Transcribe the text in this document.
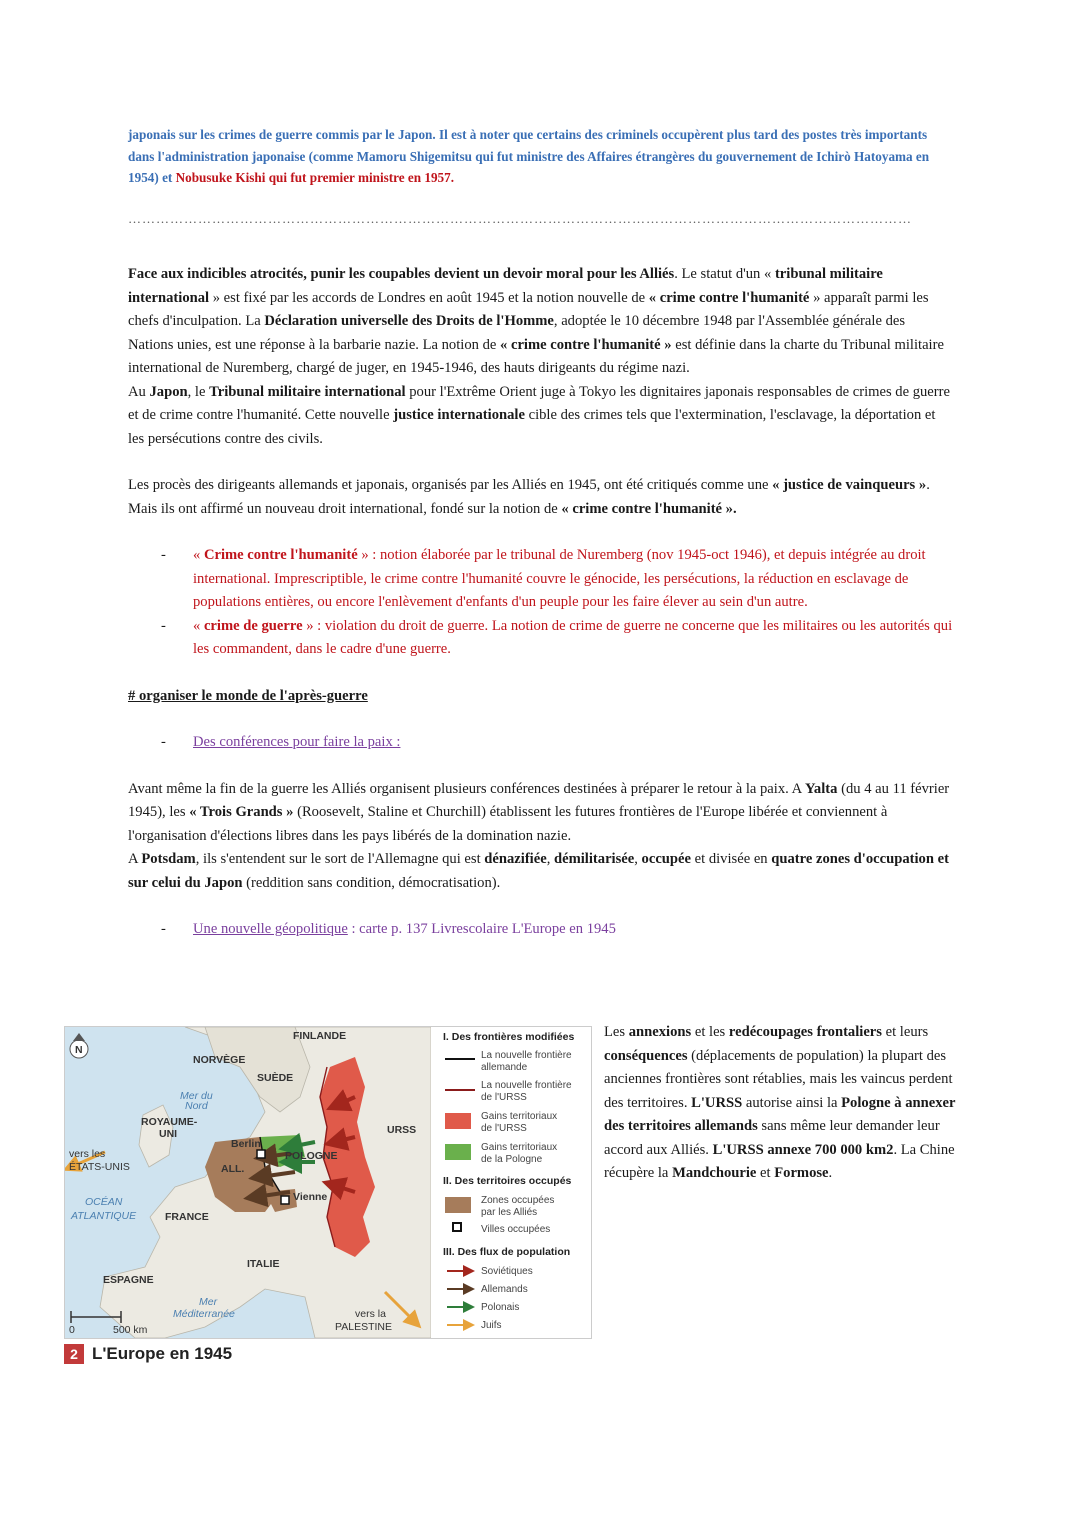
japonais sur les crimes de guerre commis par le Japon. Il est à noter que certains des criminels occupèrent plus tard des postes très importants dans l'administration japonaise (comme Mamoru Shigemitsu qui fut ministre des Affaires étrangères du gouvernement de Ichirò Hatoyama en 1954) et Nobusuke Kishi qui fut premier ministre en 1957.

……………………………………………………………………………………………………………………………………………………

Face aux indicibles atrocités, punir les coupables devient un devoir moral pour les Alliés. Le statut d'un « tribunal militaire international » est fixé par les accords de Londres en août 1945 et la notion nouvelle de « crime contre l'humanité » apparaît parmi les chefs d'inculpation. La Déclaration universelle des Droits de l'Homme, adoptée le 10 décembre 1948 par l'Assemblée générale des Nations unies, est une réponse à la barbarie nazie. La notion de « crime contre l'humanité » est définie dans la charte du Tribunal militaire international de Nuremberg, chargé de juger, en 1945-1946, des hauts dirigeants du régime nazi.

Au Japon, le Tribunal militaire international pour l'Extrême Orient juge à Tokyo les dignitaires japonais responsables de crimes de guerre et de crime contre l'humanité. Cette nouvelle justice internationale cible des crimes tels que l'extermination, l'esclavage, la déportation et les persécutions contre des civils.

Les procès des dirigeants allemands et japonais, organisés par les Alliés en 1945, ont été critiqués comme une « justice de vainqueurs ». Mais ils ont affirmé un nouveau droit international, fondé sur la notion de « crime contre l'humanité ».

- « Crime contre l'humanité » : notion élaborée par le tribunal de Nuremberg (nov 1945-oct 1946), et depuis intégrée au droit international. Imprescriptible, le crime contre l'humanité couvre le génocide, les persécutions, la réduction en esclavage de populations entières, ou encore l'enlèvement d'enfants d'un peuple pour les faire élever au sein d'un autre.
- « crime de guerre » : violation du droit de guerre. La notion de crime de guerre ne concerne que les militaires ou les autorités qui les commandent, dans le cadre d'une guerre.

# organiser le monde de l'après-guerre

- Des conférences pour faire la paix :

Avant même la fin de la guerre les Alliés organisent plusieurs conférences destinées à préparer le retour à la paix. A Yalta (du 4 au 11 février 1945), les « Trois Grands » (Roosevelt, Staline et Churchill) établissent les futures frontières de l'Europe libérée et conviennent à l'organisation d'élections libres dans les pays libérés de la domination nazie.

A Potsdam, ils s'entendent sur le sort de l'Allemagne qui est dénazifiée, démilitarisée, occupée et divisée en quatre zones d'occupation et sur celui du Japon (reddition sans condition, démocratisation).

- Une nouvelle géopolitique : carte p. 137 Livrescolaire L'Europe en 1945
N
FINLANDE
NORVÈGE
SUÈDE
Mer du
Nord
ROYAUME-
UNI
Berlin
POLOGNE
URSS
ALL.
vers les
ÉTATS-UNIS
OCÉAN
ATLANTIQUE	FRANCE
Vienne
ITALIE
ESPAGNE
Mer
Méditerranée	vers la
PALESTINE
0	500 km
I. Des frontières modifiées
La nouvelle frontière
allemande
La nouvelle frontière
de l'URSS
Gains territoriaux
de l'URSS
Gains territoriaux
de la Pologne
II. Des territoires occupés
Zones occupées
par les Alliés
Villes occupées
III. Des flux de population
Soviétiques
Allemands
Polonais
Juifs
2 L'Europe en 1945
Les annexions et les redécoupages frontaliers et leurs conséquences (déplacements de population) la plupart des anciennes frontières sont rétablies, mais les vaincus perdent des territoires. L'URSS autorise ainsi la Pologne à annexer des territoires allemands sans même leur demander leur accord aux Alliés. L'URSS annexe 700 000 km2. La Chine récupère la Mandchourie et Formose.
